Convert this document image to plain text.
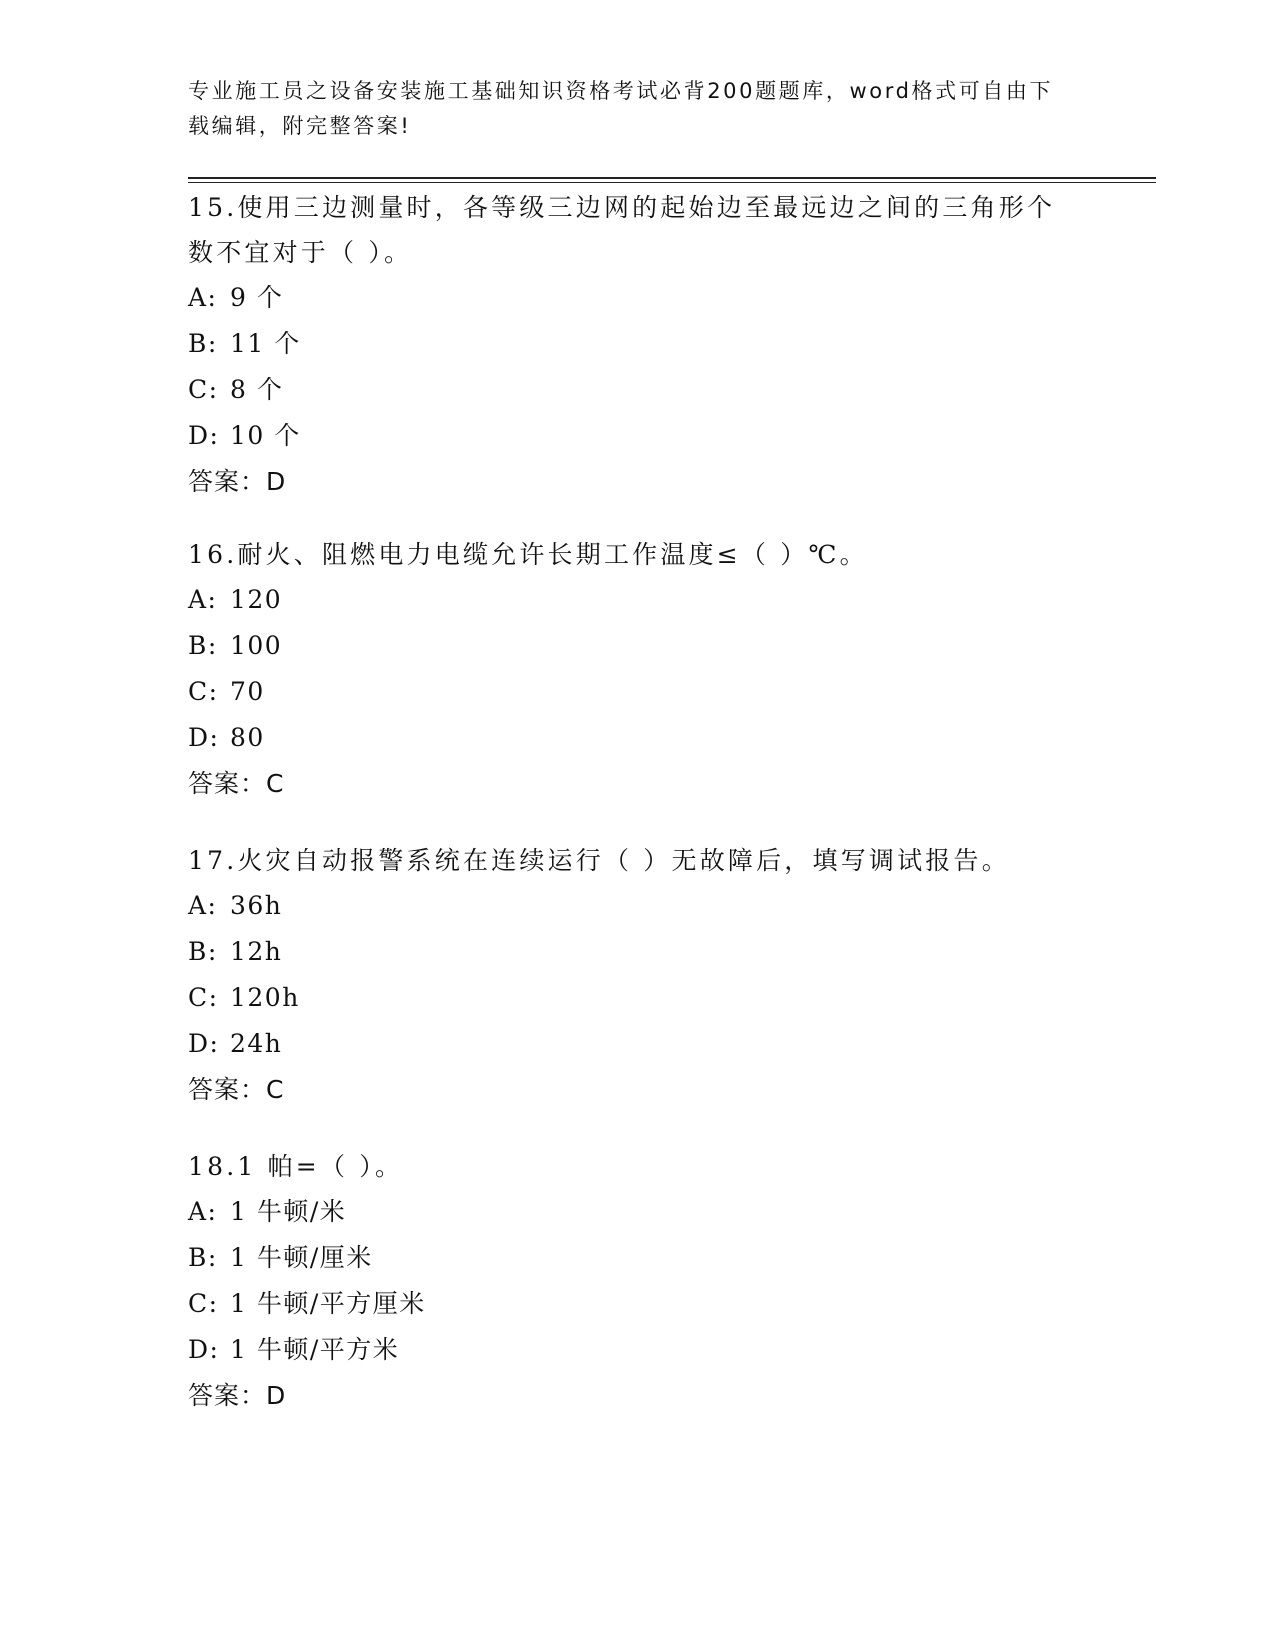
专业施工员之设备安装施工基础知识资格考试必背200题题库，word格式可自由下载编辑，附完整答案!

15.使用三边测量时，各等级三边网的起始边至最远边之间的三角形个数不宜对于（ ）。

A: 9 个
B: 11 个
C: 8 个
D: 10 个
答案：D

16.耐火、阻燃电力电缆允许长期工作温度≤（ ）℃。

A: 120
B: 100
C: 70
D: 80
答案：C

17.火灾自动报警系统在连续运行（ ）无故障后，填写调试报告。

A: 36h
B: 12h
C: 120h
D: 24h
答案：C

18.1 帕=（ ）。

A: 1 牛顿/米
B: 1 牛顿/厘米
C: 1 牛顿/平方厘米
D: 1 牛顿/平方米
答案：D
